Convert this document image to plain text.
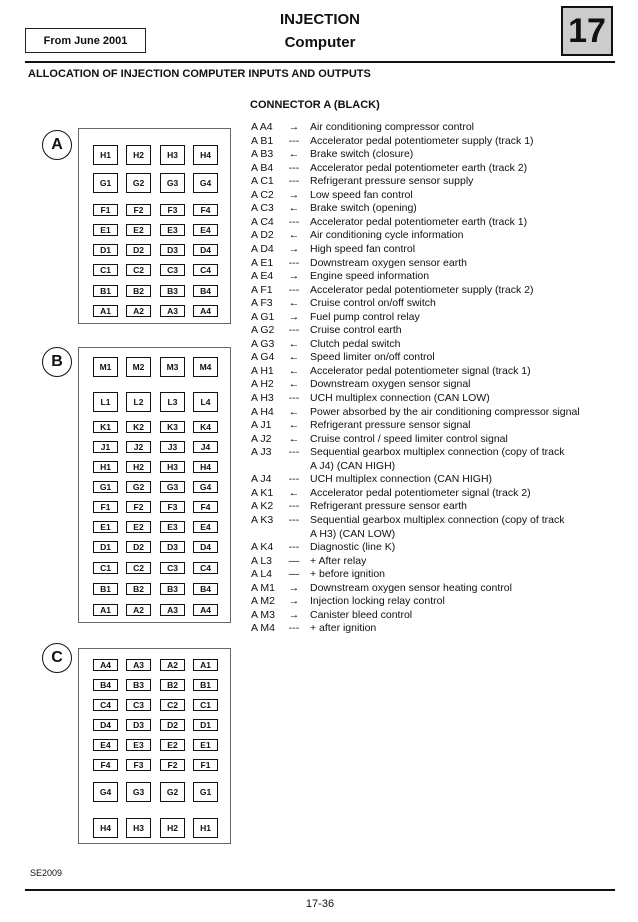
From June 2001
INJECTION
Computer	17
ALLOCATION OF INJECTION COMPUTER INPUTS AND OUTPUTS
CONNECTOR A (BLACK)
A A4	→	Air conditioning compressor control
A B1	---	Accelerator pedal potentiometer supply (track 1)
A B3	←	Brake switch (closure)
A B4	---	Accelerator pedal potentiometer earth (track 2)
A C1	---	Refrigerant pressure sensor supply
A C2	→	Low speed fan control
A C3	←	Brake switch (opening)
A C4	---	Accelerator pedal potentiometer earth (track 1)
A D2	←	Air conditioning cycle information
A D4	→	High speed fan control
A E1	---	Downstream oxygen sensor earth
A E4	→	Engine speed information
A F1	---	Accelerator pedal potentiometer supply (track 2)
A F3	←	Cruise control on/off switch
A G1	→	Fuel pump control relay
A G2	---	Cruise control earth
A G3	←	Clutch pedal switch
A G4	←	Speed limiter on/off control
A H1	←	Accelerator pedal potentiometer signal (track 1)
A H2	←	Downstream oxygen sensor signal
A H3	---	UCH multiplex connection (CAN LOW)
A H4	←	Power absorbed by the air conditioning compressor signal
A J1	←	Refrigerant pressure sensor signal
A J2	←	Cruise control / speed limiter control signal
A J3	---	Sequential gearbox multiplex connection (copy of track
A J4) (CAN HIGH)
A J4	---	UCH multiplex connection (CAN HIGH)
A K1	←	Accelerator pedal potentiometer signal (track 2)
A K2	---	Refrigerant pressure sensor earth
A K3	---	Sequential gearbox multiplex connection (copy of track
A H3) (CAN LOW)
A K4	---	Diagnostic (line K)
A L3	—	+ After relay
A L4	—	+ before ignition
A M1	→	Downstream oxygen sensor heating control
A M2	→	Injection locking relay control
A M3	→	Canister bleed control
A M4	---	+ after ignition
A
H1	H2	H3	H4
G1	G2	G3	G4
F1	F2	F3	F4
E1	E2	E3	E4
D1	D2	D3	D4
C1	C2	C3	C4
B1	B2	B3	B4
A1	A2	A3	A4
B	M1	M2	M3	M4
L1	L2	L3	L4
K1	K2	K3	K4
J1	J2	J3	J4
H1	H2	H3	H4
G1	G2	G3	G4
F1	F2	F3	F4
E1	E2	E3	E4
D1	D2	D3	D4
C1	C2	C3	C4
B1	B2	B3	B4
A1	A2	A3	A4
C	A4	A3	A2	A1
B4	B3	B2	B1
C4	C3	C2	C1
D4	D3	D2	D1
E4	E3	E2	E1
F4	F3	F2	F1
G4	G3	G2	G1
H4	H3	H2	H1
SE2009
17-36
